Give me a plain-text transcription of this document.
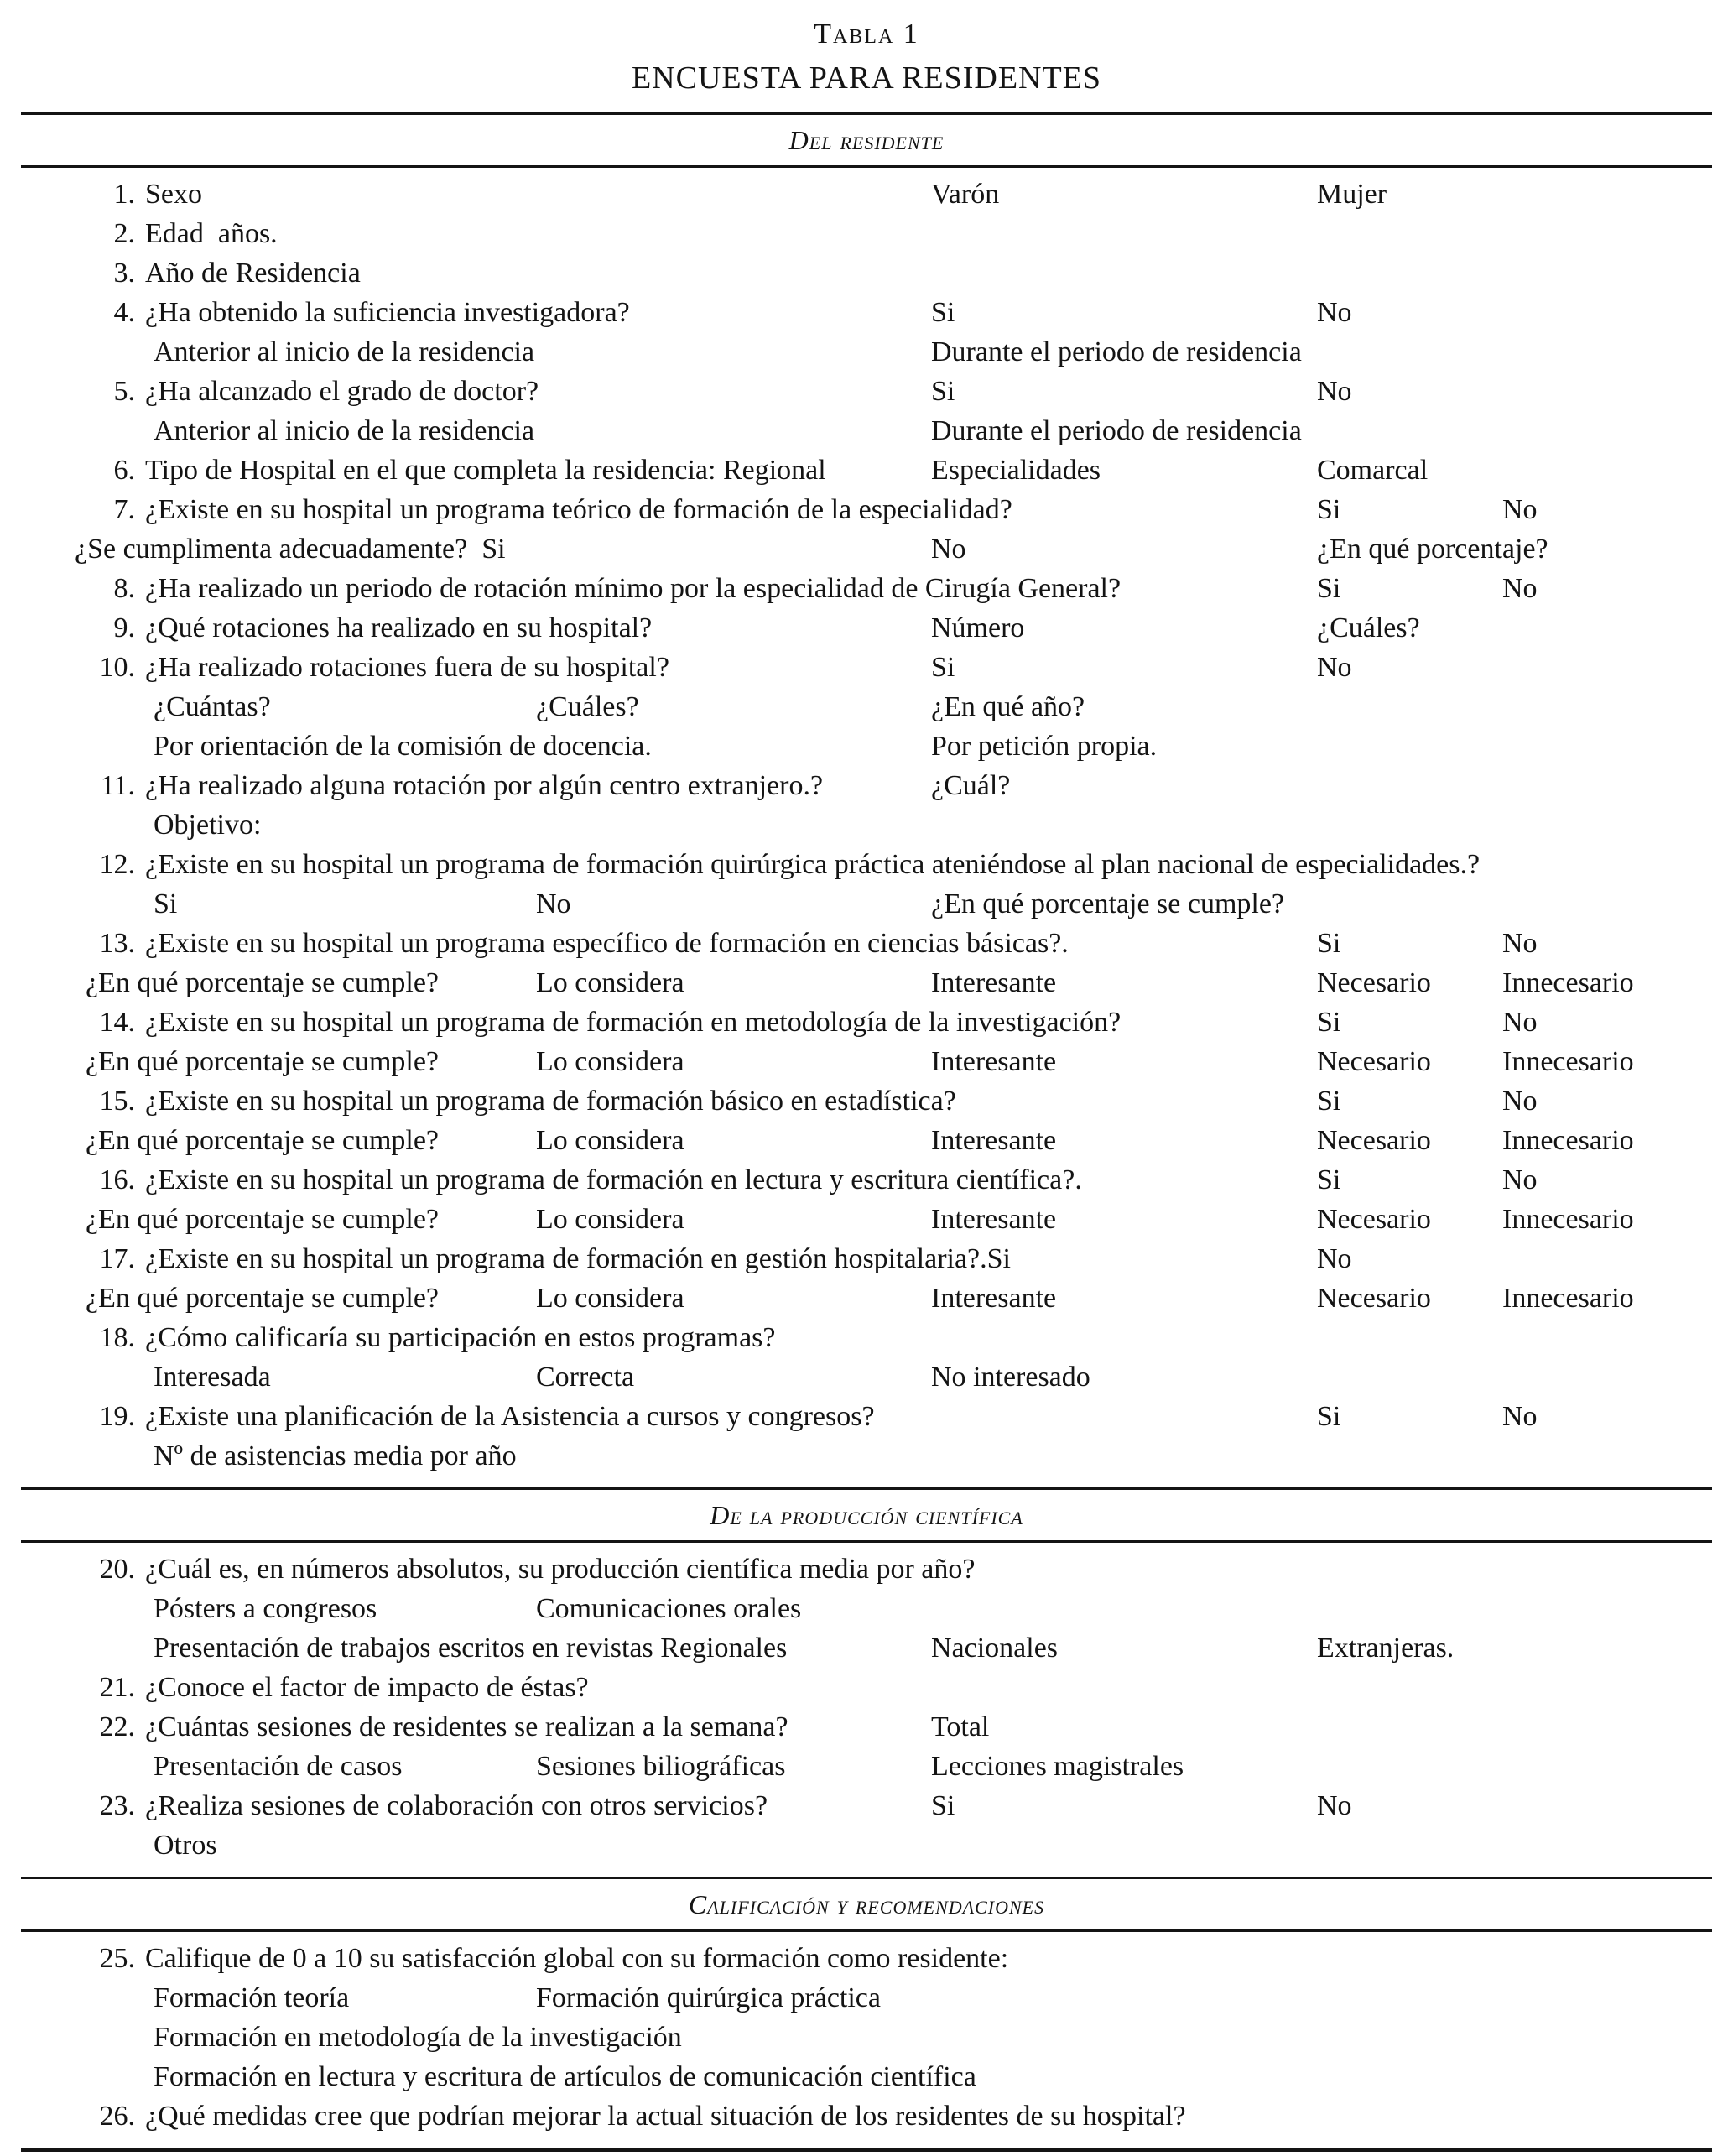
Tabla 1
ENCUESTA PARA RESIDENTES
Del residente
1. Sexo	Varón	Mujer
2. Edad  años.
3. Año de Residencia
4. ¿Ha obtenido la suficiencia investigadora?	Si	No
Anterior al inicio de la residencia	Durante el periodo de residencia
5. ¿Ha alcanzado el grado de doctor?	Si	No
Anterior al inicio de la residencia	Durante el periodo de residencia
6. Tipo de Hospital en el que completa la residencia: Regional	Especialidades	Comarcal
7. ¿Existe en su hospital un programa teórico de formación de la especialidad?	Si	No
¿Se cumplimenta adecuadamente?  Si	No	¿En qué porcentaje?
8. ¿Ha realizado un periodo de rotación mínimo por la especialidad de Cirugía General?	Si	No
9. ¿Qué rotaciones ha realizado en su hospital?	Número	¿Cuáles?
10. ¿Ha realizado rotaciones fuera de su hospital?	Si	No
¿Cuántas?	¿Cuáles?	¿En qué año?
Por orientación de la comisión de docencia.	Por petición propia.
11. ¿Ha realizado alguna rotación por algún centro extranjero.?	¿Cuál?
Objetivo:
12. ¿Existe en su hospital un programa de formación quirúrgica práctica ateniéndose al plan nacional de especialidades.?
Si	No	¿En qué porcentaje se cumple?
13. ¿Existe en su hospital un programa específico de formación en ciencias básicas?.	Si	No
¿En qué porcentaje se cumple?	Lo considera	Interesante	Necesario	Innecesario
14. ¿Existe en su hospital un programa de formación en metodología de la investigación?	Si	No
¿En qué porcentaje se cumple?	Lo considera	Interesante	Necesario	Innecesario
15. ¿Existe en su hospital un programa de formación básico en estadística?	Si	No
¿En qué porcentaje se cumple?	Lo considera	Interesante	Necesario	Innecesario
16. ¿Existe en su hospital un programa de formación en lectura y escritura científica?.	Si	No
¿En qué porcentaje se cumple?	Lo considera	Interesante	Necesario	Innecesario
17. ¿Existe en su hospital un programa de formación en gestión hospitalaria?.Si	No
¿En qué porcentaje se cumple?	Lo considera	Interesante	Necesario	Innecesario
18. ¿Cómo calificaría su participación en estos programas?
Interesada	Correcta	No interesado
19. ¿Existe una planificación de la Asistencia a cursos y congresos?	Si	No
Nº de asistencias media por año
De la producción científica
20. ¿Cuál es, en números absolutos, su producción científica media por año?
Pósters a congresos	Comunicaciones orales
Presentación de trabajos escritos en revistas Regionales	Nacionales	Extranjeras.
21. ¿Conoce el factor de impacto de éstas?
22. ¿Cuántas sesiones de residentes se realizan a la semana?	Total
Presentación de casos	Sesiones biliográficas	Lecciones magistrales
23. ¿Realiza sesiones de colaboración con otros servicios?	Si	No
Otros
Calificación y recomendaciones
25. Califique de 0 a 10 su satisfacción global con su formación como residente:
Formación teoría	Formación quirúrgica práctica
Formación en metodología de la investigación
Formación en lectura y escritura de artículos de comunicación científica
26. ¿Qué medidas cree que podrían mejorar la actual situación de los residentes de su hospital?
